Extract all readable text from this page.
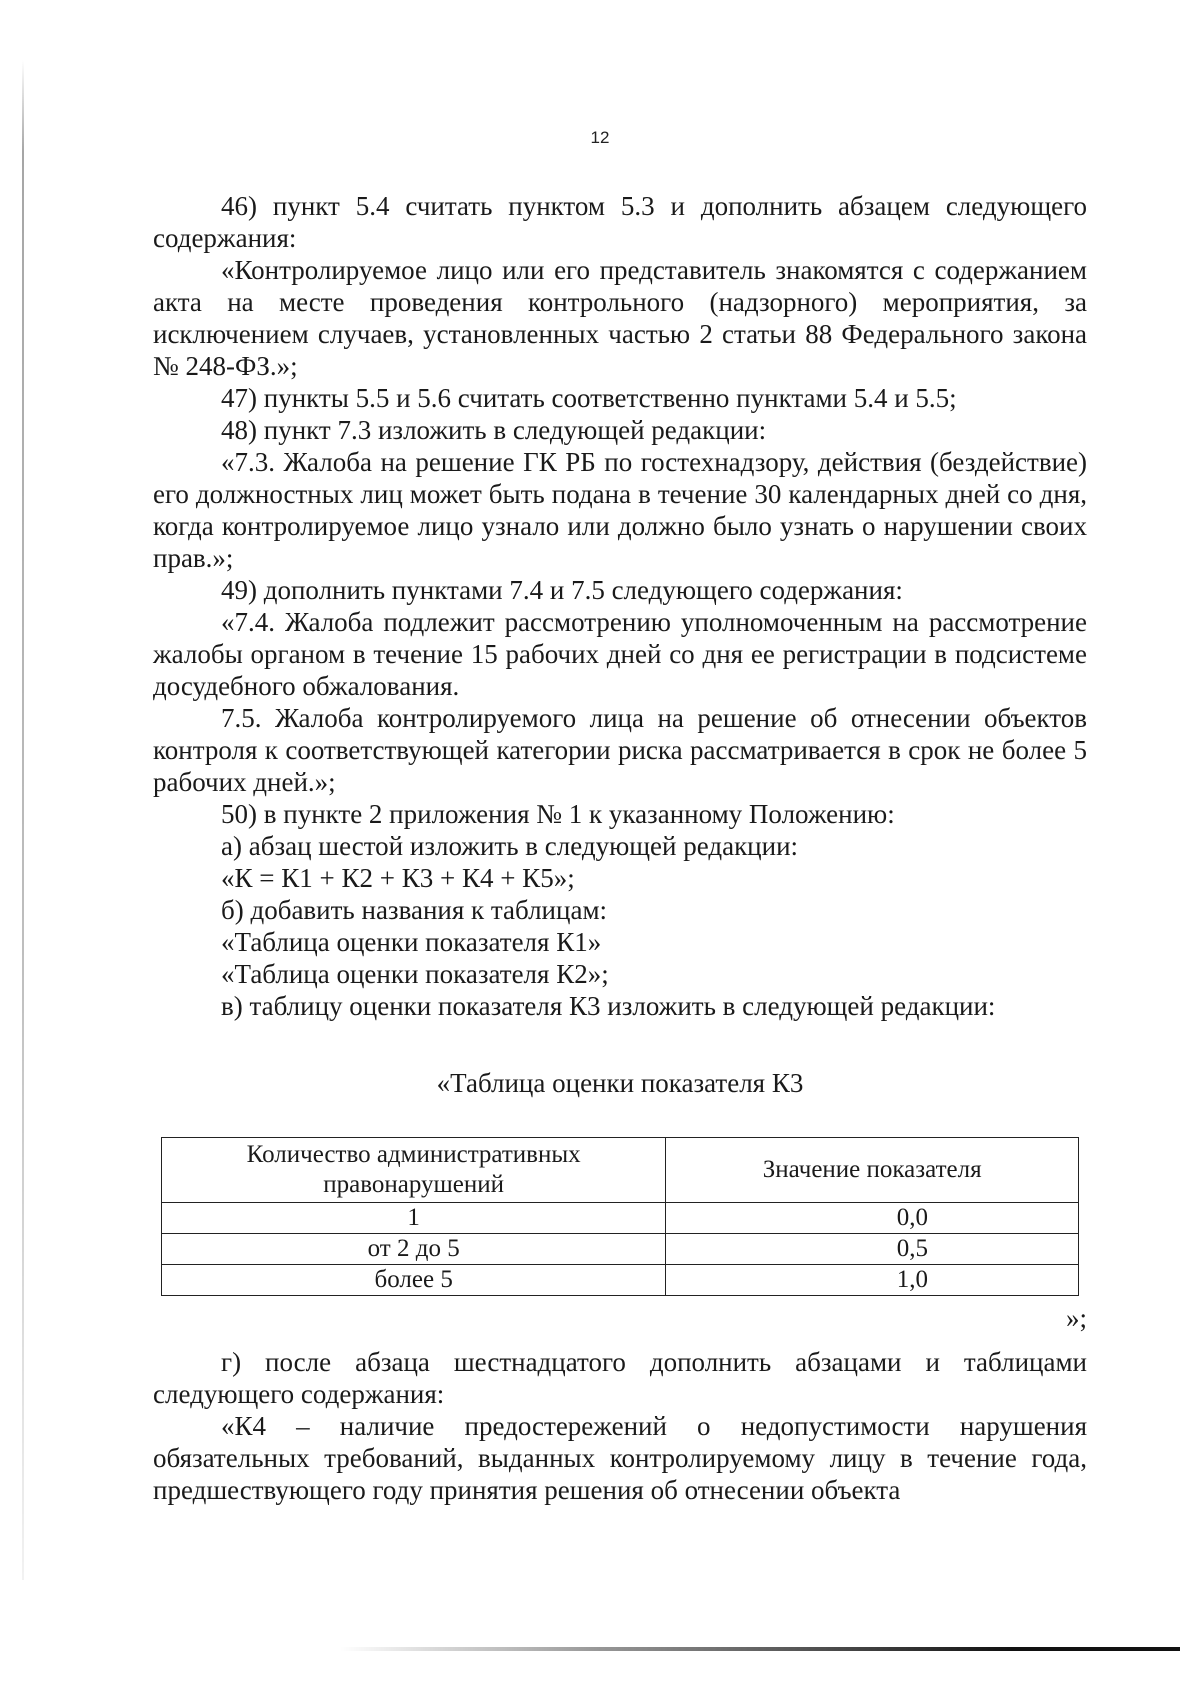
12

46) пункт 5.4 считать пунктом 5.3 и дополнить абзацем следующего содержания:

«Контролируемое лицо или его представитель знакомятся с содержанием акта на месте проведения контрольного (надзорного) мероприятия, за исключением случаев, установленных частью 2 статьи 88 Федерального закона № 248-ФЗ.»;

47) пункты 5.5 и 5.6 считать соответственно пунктами 5.4 и 5.5;

48) пункт 7.3 изложить в следующей редакции:

«7.3. Жалоба на решение ГК РБ по гостехнадзору, действия (бездействие) его должностных лиц может быть подана в течение 30 календарных дней со дня, когда контролируемое лицо узнало или должно было узнать о нарушении своих прав.»;

49) дополнить пунктами 7.4 и 7.5 следующего содержания:

«7.4. Жалоба подлежит рассмотрению уполномоченным на рассмотрение жалобы органом в течение 15 рабочих дней со дня ее регистрации в подсистеме досудебного обжалования.

7.5. Жалоба контролируемого лица на решение об отнесении объектов контроля к соответствующей категории риска рассматривается в срок не более 5 рабочих дней.»;

50) в пункте 2 приложения № 1 к указанному Положению:

а) абзац шестой изложить в следующей редакции:

«К = К1 + К2 + К3 + К4 + К5»;

б) добавить названия к таблицам:

«Таблица оценки показателя К1»

«Таблица оценки показателя К2»;

в) таблицу оценки показателя К3 изложить в следующей редакции:

«Таблица оценки показателя К3
Количество административных правонарушений	Значение показателя
1	0,0
от 2 до 5	0,5
более 5	1,0
»;

г) после абзаца шестнадцатого дополнить абзацами и таблицами следующего содержания:

«К4 – наличие предостережений о недопустимости нарушения обязательных требований, выданных контролируемому лицу в течение года, предшествующего году принятия решения об отнесении объекта
